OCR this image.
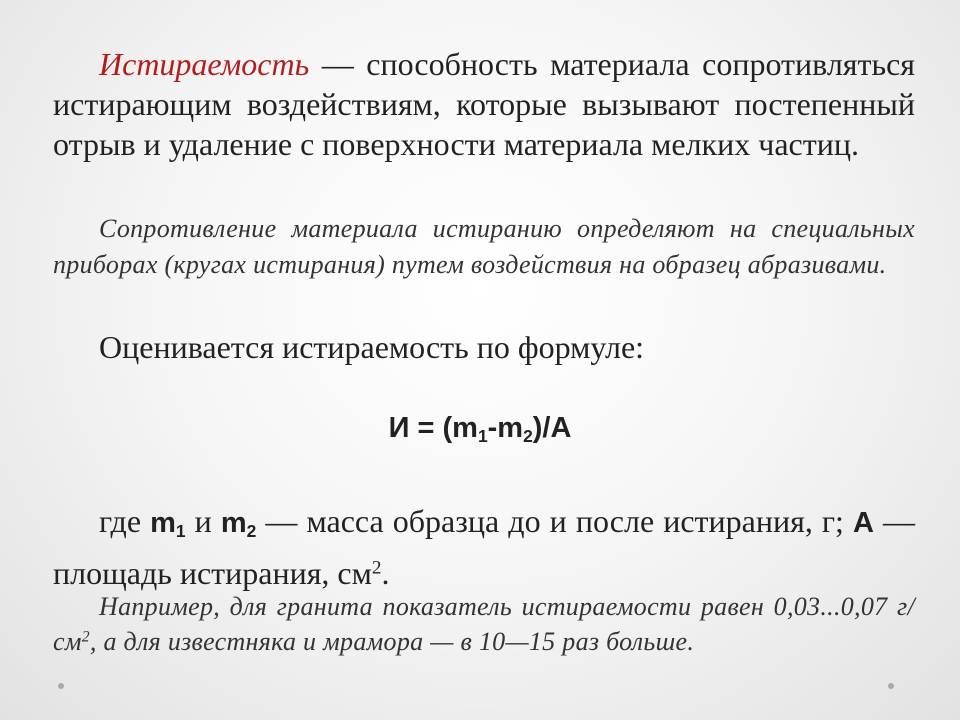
Истираемость — способность материала сопротивляться истирающим воздействиям, которые вызывают постепенный отрыв и удаление с поверхности материала мелких частиц.

Сопротивление материала истиранию определяют на специальных приборах (кругах истирания) путем воздействия на образец абразивами.

Оценивается истираемость по формуле:

$И = (m_1-m_2)/A$

где $m_1$ и $m_2$ — масса образца до и после истирания, г; A — площадь истирания, $см^2$.

Например, для гранита показатель истираемости равен 0,03...0,07 $г/см^2$, а для известняка и мрамора — в 10—15 раз больше.
